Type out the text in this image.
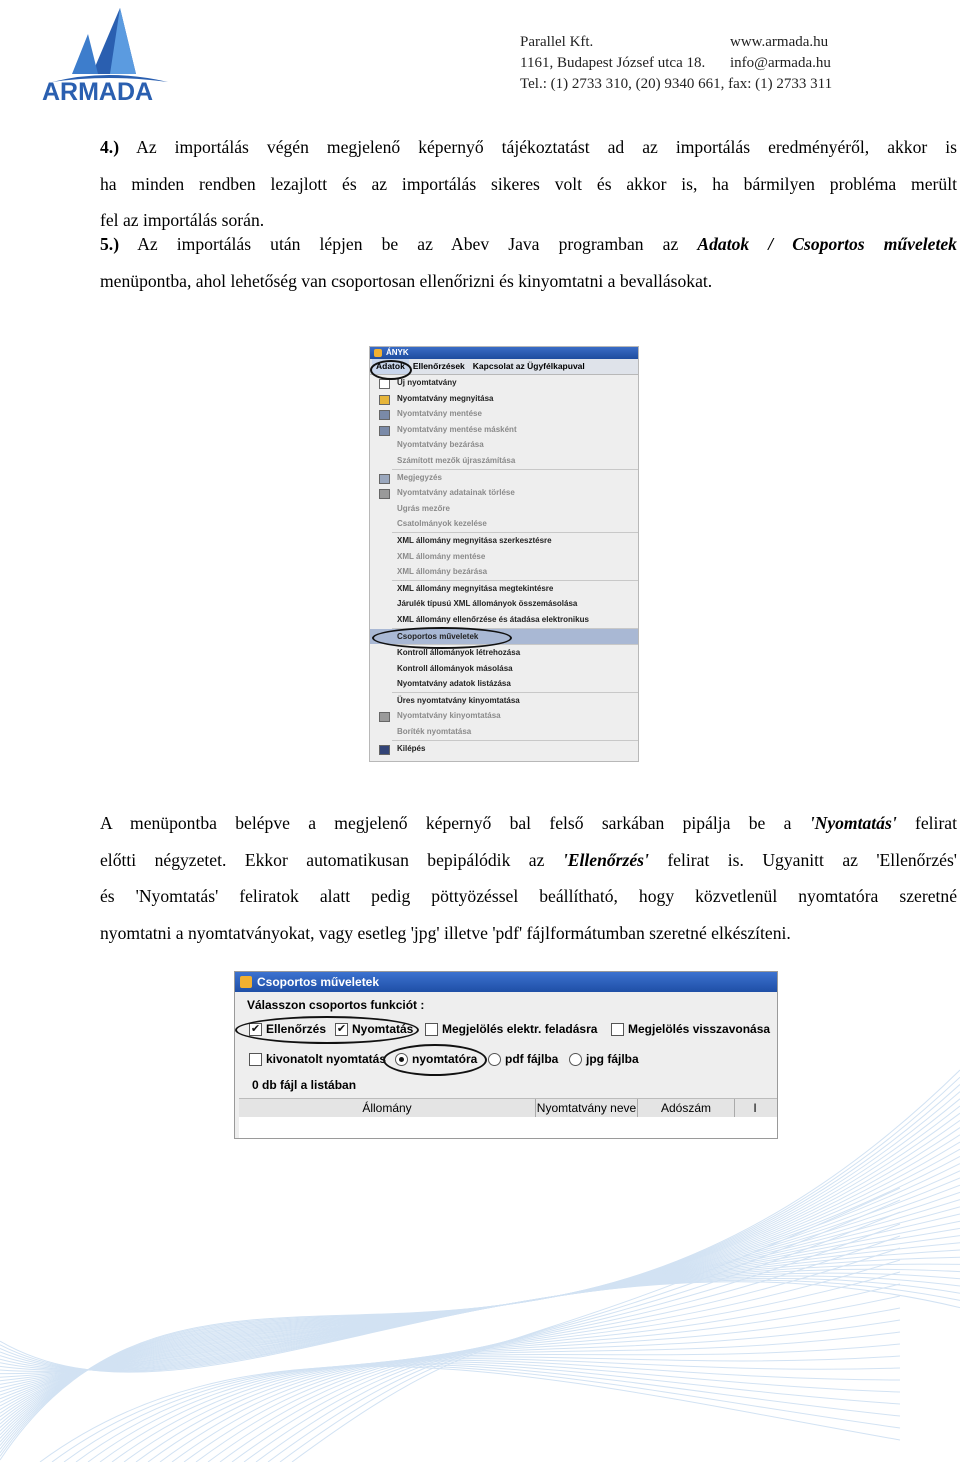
ARMADA
Parallel Kft.	www.armada.hu
1161, Budapest József utca 18.	info@armada.hu
Tel.: (1) 2733 310, (20) 9340 661, fax: (1) 2733 311
4.) Az importálás végén megjelenő képernyő tájékoztatást ad az importálás eredményéről, akkor is
ha minden rendben lezajlott és az importálás sikeres volt és akkor is, ha bármilyen probléma merült
fel az importálás során.
5.) Az importálás után lépjen be az Abev Java programban az Adatok / Csoportos műveletek
menüpontba, ahol lehetőség van csoportosan ellenőrizni és kinyomtatni a bevallásokat.
ÁNYK
Adatok Ellenőrzések Kapcsolat az Ügyfélkapuval
Új nyomtatvány
Nyomtatvány megnyitása
Nyomtatvány mentése
Nyomtatvány mentése másként
Nyomtatvány bezárása
Számított mezők újraszámítása
Megjegyzés
Nyomtatvány adatainak törlése
Ugrás mezőre
Csatolmányok kezelése
XML állomány megnyitása szerkesztésre
XML állomány mentése
XML állomány bezárása
XML állomány megnyitása megtekintésre
Járulék típusú XML állományok összemásolása
XML állomány ellenőrzése és átadása elektronikus
Csoportos műveletek
Kontroll állományok létrehozása
Kontroll állományok másolása
Nyomtatvány adatok listázása
Üres nyomtatvány kinyomtatása
Nyomtatvány kinyomtatása
Boríték nyomtatása
Kilépés
A menüpontba belépve a megjelenő képernyő bal felső sarkában pipálja be a 'Nyomtatás' felirat
előtti négyzetet. Ekkor automatikusan bepipálódik az 'Ellenőrzés' felirat is. Ugyanitt az 'Ellenőrzés'
és 'Nyomtatás' feliratok alatt pedig pöttyözéssel beállítható, hogy közvetlenül nyomtatóra szeretné
nyomtatni a nyomtatványokat, vagy esetleg 'jpg' illetve 'pdf' fájlformátumban szeretné elkészíteni.
Csoportos műveletek
Válasszon csoportos funkciót :
✔ Ellenőrzés ✔ Nyomtatás Megjelölés elektr. feladásra	Megjelölés visszavonása
kivonatolt nyomtatás nyomtatóra pdf fájlba jpg fájlba
0 db fájl a listában
Állomány	Nyomtatvány neve	Adószám	I
